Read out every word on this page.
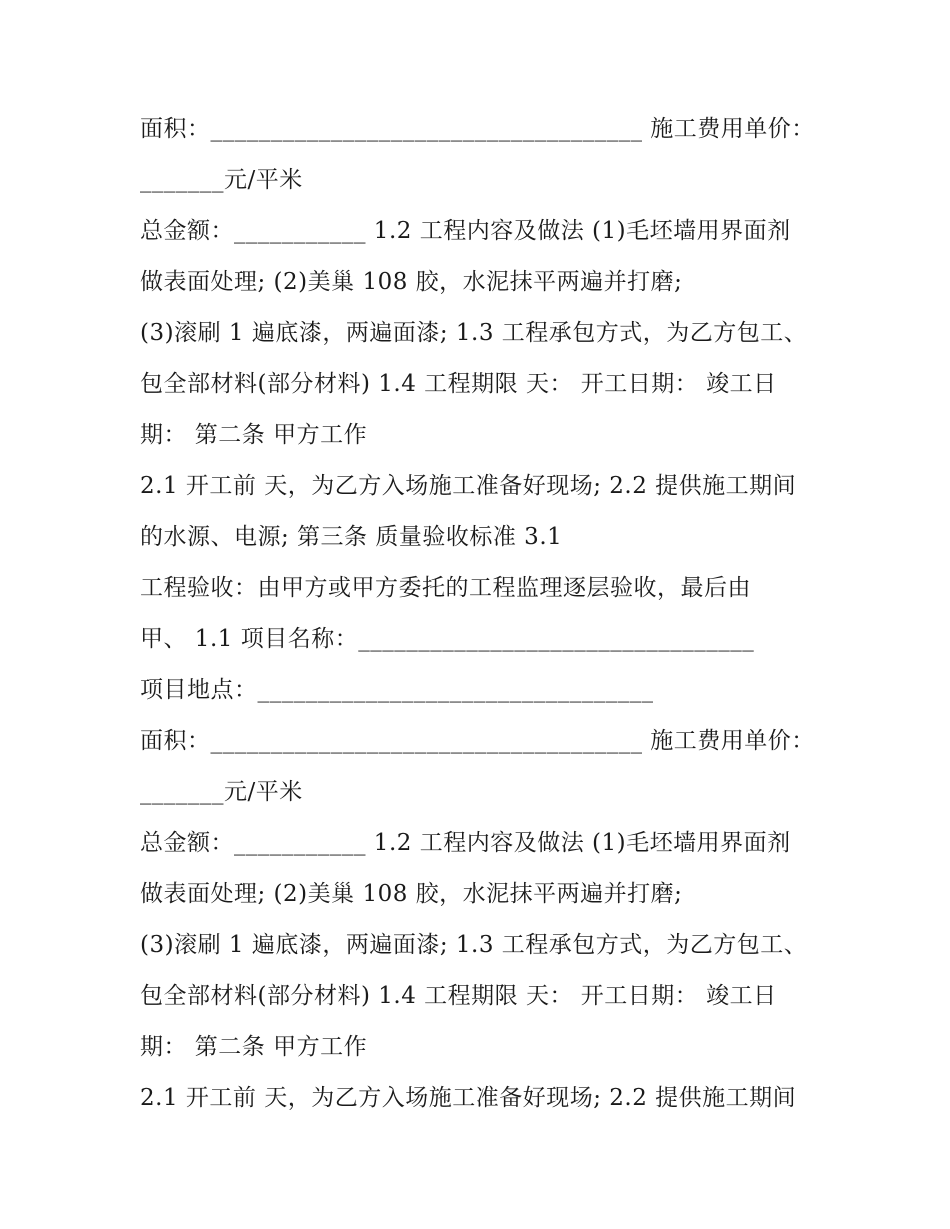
面积：____________________________________ 施工费用单价：
_______元/平米
总金额：___________ 1.2 工程内容及做法 (1)毛坯墙用界面剂
做表面处理; (2)美巢 108 胶，水泥抹平两遍并打磨;
(3)滚刷 1 遍底漆，两遍面漆; 1.3 工程承包方式，为乙方包工、
包全部材料(部分材料) 1.4 工程期限 天： 开工日期： 竣工日
期： 第二条 甲方工作
2.1 开工前 天，为乙方入场施工准备好现场; 2.2 提供施工期间
的水源、电源; 第三条 质量验收标准 3.1
工程验收：由甲方或甲方委托的工程监理逐层验收，最后由
甲、 1.1 项目名称：_________________________________
项目地点：_________________________________
面积：____________________________________ 施工费用单价：
_______元/平米
总金额：___________ 1.2 工程内容及做法 (1)毛坯墙用界面剂
做表面处理; (2)美巢 108 胶，水泥抹平两遍并打磨;
(3)滚刷 1 遍底漆，两遍面漆; 1.3 工程承包方式，为乙方包工、
包全部材料(部分材料) 1.4 工程期限 天： 开工日期： 竣工日
期： 第二条 甲方工作
2.1 开工前 天，为乙方入场施工准备好现场; 2.2 提供施工期间
